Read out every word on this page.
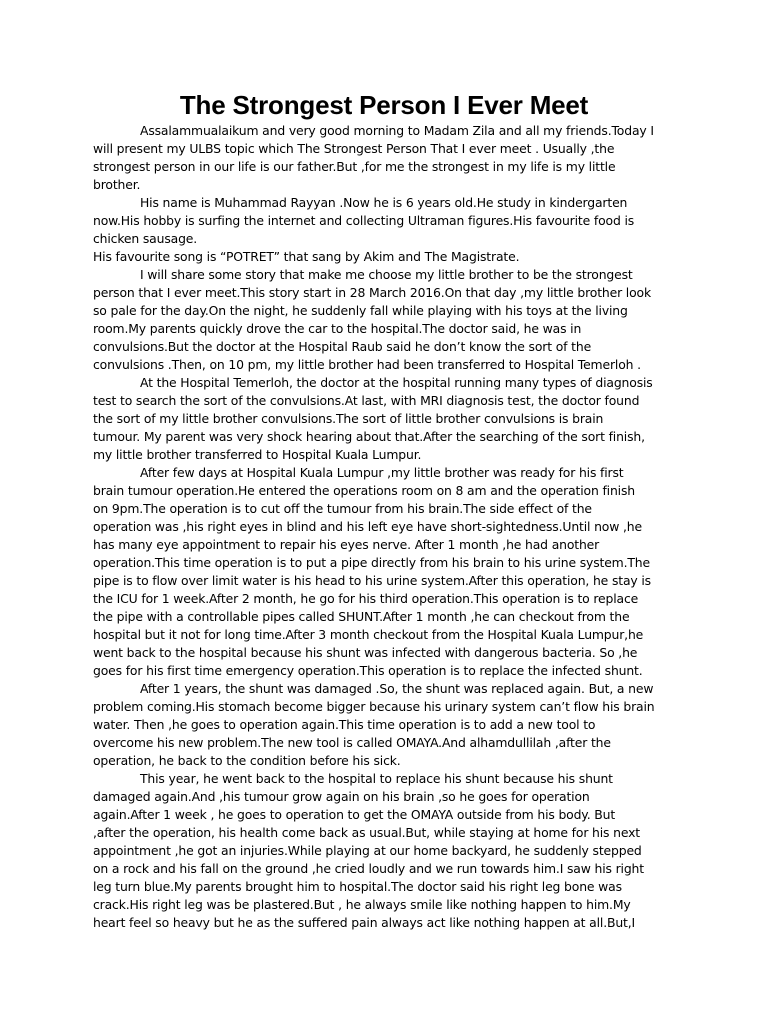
The Strongest Person I Ever Meet
Assalammualaikum and very good morning to Madam Zila and all my friends.Today I
will present my ULBS topic which The Strongest Person That I ever meet . Usually ,the
strongest person in our life is our father.But ,for me the strongest in my life is my little
brother.
His name is Muhammad Rayyan .Now he is 6 years old.He study in kindergarten
now.His hobby is surfing the internet and collecting Ultraman figures.His favourite food is
chicken sausage.
His favourite song is “POTRET” that sang by Akim and The Magistrate.
I will share some story that make me choose my little brother to be the strongest
person that I ever meet.This story start in 28 March 2016.On that day ,my little brother look
so pale for the day.On the night, he suddenly fall while playing with his toys at the living
room.My parents quickly drove the car to the hospital.The doctor said, he was in
convulsions.But the doctor at the Hospital Raub said he don’t know the sort of the
convulsions .Then, on 10 pm, my little brother had been transferred to Hospital Temerloh .
At the Hospital Temerloh, the doctor at the hospital running many types of diagnosis
test to search the sort of the convulsions.At last, with MRI diagnosis test, the doctor found
the sort of my little brother convulsions.The sort of little brother convulsions is brain
tumour. My parent was very shock hearing about that.After the searching of the sort finish,
my little brother transferred to Hospital Kuala Lumpur.
After few days at Hospital Kuala Lumpur ,my little brother was ready for his first
brain tumour operation.He entered the operations room on 8 am and the operation finish
on 9pm.The operation is to cut off the tumour from his brain.The side effect of the
operation was ,his right eyes in blind and his left eye have short-sightedness.Until now ,he
has many eye appointment to repair his eyes nerve. After 1 month ,he had another
operation.This time operation is to put a pipe directly from his brain to his urine system.The
pipe is to flow over limit water is his head to his urine system.After this operation, he stay is
the ICU for 1 week.After 2 month, he go for his third operation.This operation is to replace
the pipe with a controllable pipes called SHUNT.After 1 month ,he can checkout from the
hospital but it not for long time.After 3 month checkout from the Hospital Kuala Lumpur,he
went back to the hospital because his shunt was infected with dangerous bacteria. So ,he
goes for his first time emergency operation.This operation is to replace the infected shunt.
After 1 years, the shunt was damaged .So, the shunt was replaced again. But, a new
problem coming.His stomach become bigger because his urinary system can’t flow his brain
water. Then ,he goes to operation again.This time operation is to add a new tool to
overcome his new problem.The new tool is called OMAYA.And alhamdullilah ,after the
operation, he back to the condition before his sick.
This year, he went back to the hospital to replace his shunt because his shunt
damaged again.And ,his tumour grow again on his brain ,so he goes for operation
again.After 1 week , he goes to operation to get the OMAYA outside from his body. But
,after the operation, his health come back as usual.But, while staying at home for his next
appointment ,he got an injuries.While playing at our home backyard, he suddenly stepped
on a rock and his fall on the ground ,he cried loudly and we run towards him.I saw his right
leg turn blue.My parents brought him to hospital.The doctor said his right leg bone was
crack.His right leg was be plastered.But , he always smile like nothing happen to him.My
heart feel so heavy but he as the suffered pain always act like nothing happen at all.But,I
